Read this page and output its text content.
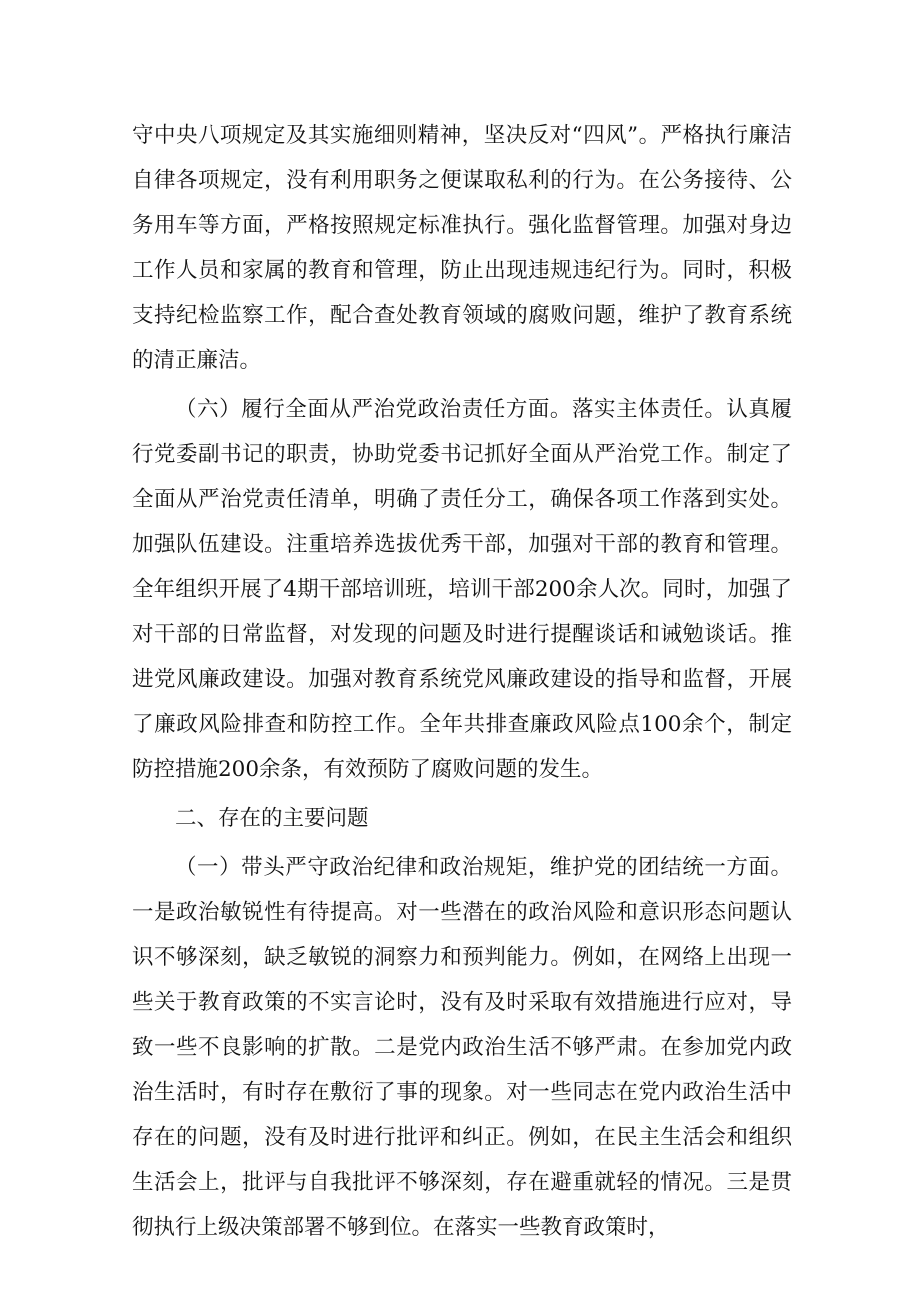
守中央八项规定及其实施细则精神，坚决反对“四风”。严格执行廉洁自律各项规定，没有利用职务之便谋取私利的行为。在公务接待、公务用车等方面，严格按照规定标准执行。强化监督管理。加强对身边工作人员和家属的教育和管理，防止出现违规违纪行为。同时，积极支持纪检监察工作，配合查处教育领域的腐败问题，维护了教育系统的清正廉洁。

（六）履行全面从严治党政治责任方面。落实主体责任。认真履行党委副书记的职责，协助党委书记抓好全面从严治党工作。制定了全面从严治党责任清单，明确了责任分工，确保各项工作落到实处。加强队伍建设。注重培养选拔优秀干部，加强对干部的教育和管理。全年组织开展了4期干部培训班，培训干部200余人次。同时，加强了对干部的日常监督，对发现的问题及时进行提醒谈话和诫勉谈话。推进党风廉政建设。加强对教育系统党风廉政建设的指导和监督，开展了廉政风险排查和防控工作。全年共排查廉政风险点100余个，制定防控措施200余条，有效预防了腐败问题的发生。

二、存在的主要问题

（一）带头严守政治纪律和政治规矩，维护党的团结统一方面。一是政治敏锐性有待提高。对一些潜在的政治风险和意识形态问题认识不够深刻，缺乏敏锐的洞察力和预判能力。例如，在网络上出现一些关于教育政策的不实言论时，没有及时采取有效措施进行应对，导致一些不良影响的扩散。二是党内政治生活不够严肃。在参加党内政治生活时，有时存在敷衍了事的现象。对一些同志在党内政治生活中存在的问题，没有及时进行批评和纠正。例如，在民主生活会和组织生活会上，批评与自我批评不够深刻，存在避重就轻的情况。三是贯彻执行上级决策部署不够到位。在落实一些教育政策时，
